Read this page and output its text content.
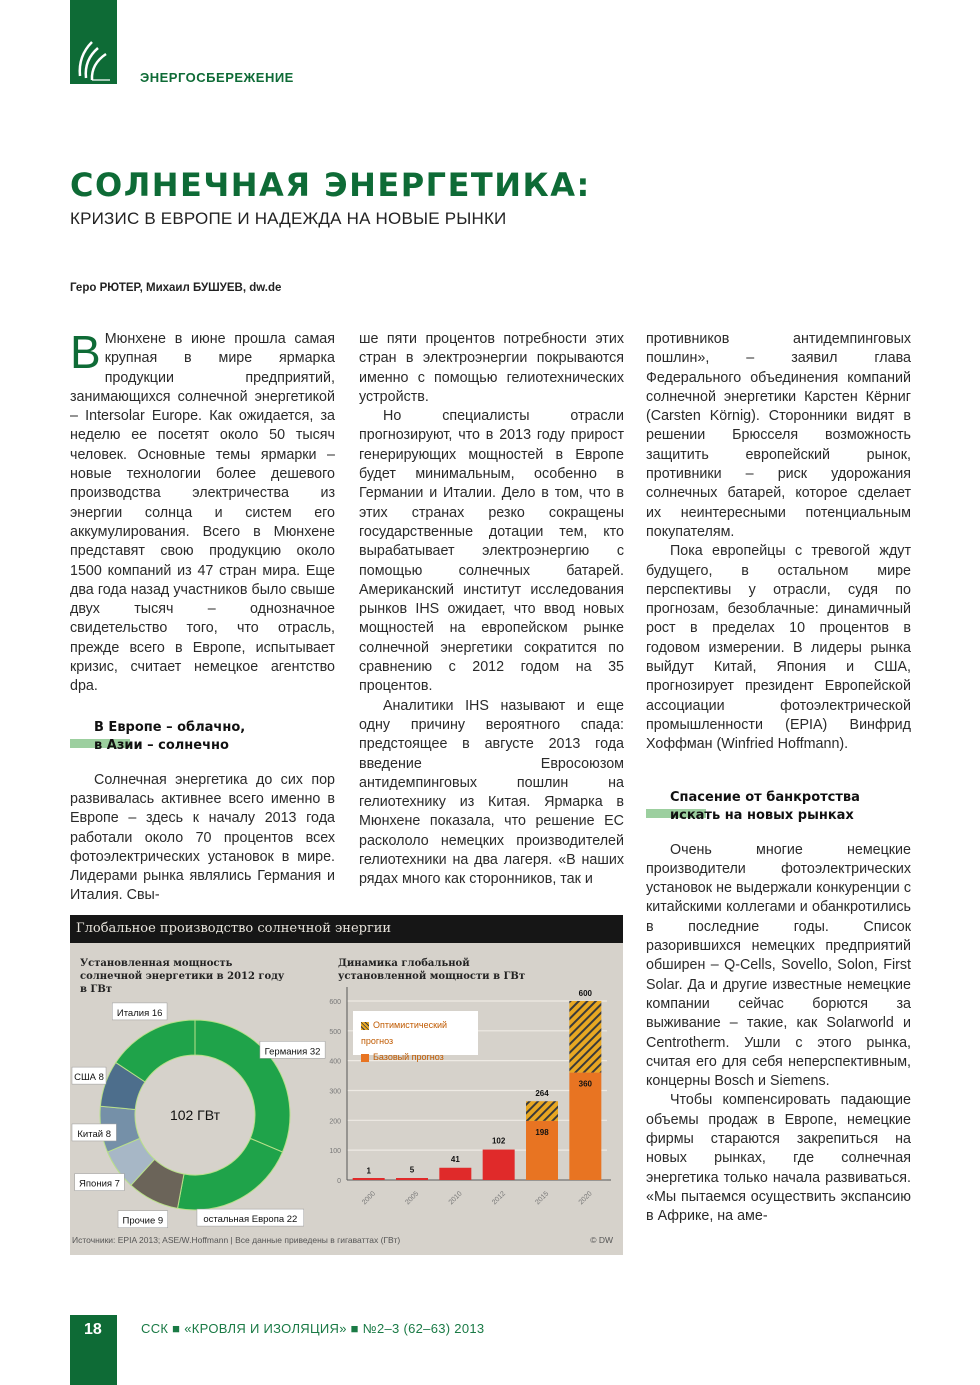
ЭНЕРГОСБЕРЕЖЕНИЕ
СОЛНЕЧНАЯ ЭНЕРГЕТИКА:
КРИЗИС В ЕВРОПЕ И НАДЕЖДА НА НОВЫЕ РЫНКИ
Геро РЮТЕР, Михаил БУШУЕВ, dw.de

В Мюнхене в июне прошла самая крупная в мире ярмарка продукции предприятий, занимающихся солнечной энергетикой – Intersolar Europe. Как ожидается, за неделю ее посетят около 50 тысяч человек. Основные темы ярмарки – новые технологии более дешевого производства электричества из энергии солнца и систем его аккумулирования. Всего в Мюнхене представят свою продукцию около 1500 компаний из 47 стран мира. Еще два года назад участников было свыше двух тысяч – однозначное свидетельство того, что отрасль, прежде всего в Европе, испытывает кризис, считает немецкое агентство dpa.

В Европе – облачно,
в Азии – солнечно

Солнечная энергетика до сих пор развивалась активнее всего именно в Европе – здесь к началу 2013 года работали около 70 процентов всех фотоэлектрических установок в мире. Лидерами рынка являлись Германия и Италия. Свы-

ше пяти процентов потребности этих стран в электроэнергии покрываются именно с помощью гелиотехнических устройств.

Но специалисты отрасли прогнозируют, что в 2013 году прирост генерирующих мощностей в Европе будет минимальным, особенно в Германии и Италии. Дело в том, что в этих странах резко сокращены государственные дотации тем, кто вырабатывает электроэнергию с помощью солнечных батарей. Американский институт исследования рынков IHS ожидает, что ввод новых мощностей на европейском рынке солнечной энергетики сократится по сравнению с 2012 годом на 35 процентов.

Аналитики IHS называют и еще одну причину вероятного спада: предстоящее в августе 2013 года введение Евросоюзом антидемпинговых пошлин на гелиотехнику из Китая. Ярмарка в Мюнхене показала, что решение ЕС раскололо немецких производителей гелиотехники на два лагеря. «В наших рядах много как сторонников, так и

противников антидемпинговых пошлин», – заявил глава Федерального объединения компаний солнечной энергетики Карстен Кёрниг (Carsten Körnig). Сторонники видят в решении Брюсселя возможность защитить европейский рынок, противники – риск удорожания солнечных батарей, которое сделает их неинтересными потенциальным покупателям.

Пока европейцы с тревогой ждут будущего, в остальном мире перспективы у отрасли, судя по прогнозам, безоблачные: динамичный рост в пределах 10 процентов в годовом измерении. В лидеры рынка выйдут Китай, Япония и США, прогнозирует президент Европейской ассоциации фотоэлектрической промышленности (EPIA) Винфрид Хоффман (Winfried Hoffmann).

Спасение от банкротства
искать на новых рынках

Очень многие немецкие производители фотоэлектрических установок не выдержали конкуренции с китайскими коллегами и обанкротились в последние годы. Список разорившихся немецких предприятий обширен – Q-Cells, Sovello, Solon, First Solar. Да и другие известные немецкие компании сейчас борются за выживание – такие, как Solarworld и Centrotherm. Ушли с этого рынка, считая его для себя неперспективным, концерны Bosch и Siemens.

Чтобы компенсировать падающие объемы продаж в Европе, немецкие фирмы стараются закрепиться на новых рынках, где солнечная энергетика только начала развиваться. «Мы пытаемся осуществить экспансию в Африке, на аме-

Глобальное производство солнечной энергии
Установленная мощность солнечной энергетики в 2012 году в ГВт
Динамика глобальной установленной мощности в ГВт
Германия 32
остальная Европа 22
Прочие 9
Япония 7
Китай 8
США 8
Италия 16
102 ГВт
0
100
200
300
400
500
600
1
2000
5
2005
41
2010
102
2012
264
198
2015
600
360
2020
Оптимистический прогноз
Базовый прогноз
Источники: EPIA 2013; ASE/W.Hoffmann | Все данные приведены в гигаваттах (ГВт)	© DW
18	ССК ■ «КРОВЛЯ И ИЗОЛЯЦИЯ» ■ №2–3 (62–63) 2013
